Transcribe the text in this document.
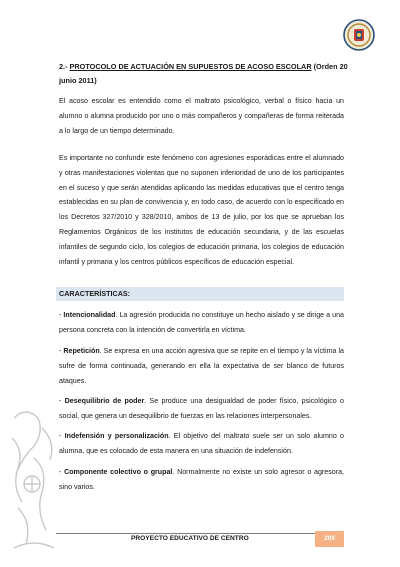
2.- PROTOCOLO DE ACTUACIÓN EN SUPUESTOS DE ACOSO ESCOLAR (Orden 20 junio 2011)
El acoso escolar es entendido como el maltrato psicológico, verbal o físico hacia un alumno o alumna producido por uno o más compañeros y compañeras de forma reiterada a lo largo de un tiempo determinado.
Es importante no confundir este fenómeno con agresiones esporádicas entre el alumnado y otras manifestaciones violentas que no suponen inferioridad de uno de los participantes en el suceso y que serán atendidas aplicando las medidas educativas que el centro tenga establecidas en su plan de convivencia y, en todo caso, de acuerdo con lo especificado en los Decretos 327/2010 y 328/2010, ambos de 13 de julio, por los que se aprueban los Reglamentos Orgánicos de los institutos de educación secundaria, y de las escuelas infantiles de segundo ciclo, los colegios de educación primaria, los colegios de educación infantil y primaria y los centros públicos específicos de educación especial.
CARACTERÍSTICAS:
- Intencionalidad. La agresión producida no constituye un hecho aislado y se dirige a una persona concreta con la intención de convertirla en víctima.
- Repetición. Se expresa en una acción agresiva que se repite en el tiempo y la víctima la sufre de forma continuada, generando en ella la expectativa de ser blanco de futuros ataques.
- Desequilibrio de poder. Se produce una desigualdad de poder físico, psicológico o social, que genera un desequilibrio de fuerzas en las relaciones interpersonales.
- Indefensión y personalización. El objetivo del maltrato suele ser un solo alumno o alumna, que es colocado de esta manera en una situación de indefensión.
- Componente colectivo o grupal. Normalmente no existe un solo agresor o agresora, sino varios.
PROYECTO EDUCATIVO DE CENTRO	209
